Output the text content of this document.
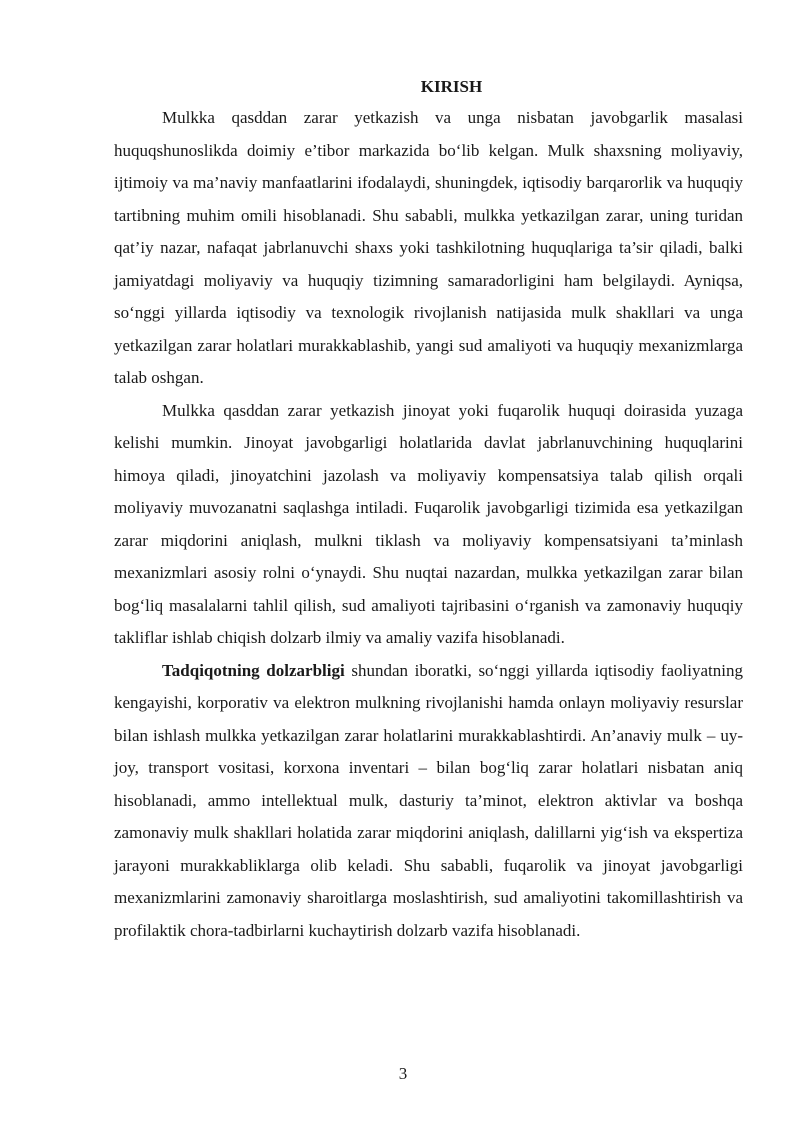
KIRISH

Mulkka qasddan zarar yetkazish va unga nisbatan javobgarlik masalasi huquqshunoslikda doimiy e’tibor markazida bo‘lib kelgan. Mulk shaxsning moliyaviy, ijtimoiy va ma’naviy manfaatlarini ifodalaydi, shuningdek, iqtisodiy barqarorlik va huquqiy tartibning muhim omili hisoblanadi. Shu sababli, mulkka yetkazilgan zarar, uning turidan qat’iy nazar, nafaqat jabrlanuvchi shaxs yoki tashkilotning huquqlariga ta’sir qiladi, balki jamiyatdagi moliyaviy va huquqiy tizimning samaradorligini ham belgilaydi. Ayniqsa, so‘nggi yillarda iqtisodiy va texnologik rivojlanish natijasida mulk shakllari va unga yetkazilgan zarar holatlari murakkablashib, yangi sud amaliyoti va huquqiy mexanizmlarga talab oshgan.

Mulkka qasddan zarar yetkazish jinoyat yoki fuqarolik huquqi doirasida yuzaga kelishi mumkin. Jinoyat javobgarligi holatlarida davlat jabrlanuvchining huquqlarini himoya qiladi, jinoyatchini jazolash va moliyaviy kompensatsiya talab qilish orqali moliyaviy muvozanatni saqlashga intiladi. Fuqarolik javobgarligi tizimida esa yetkazilgan zarar miqdorini aniqlash, mulkni tiklash va moliyaviy kompensatsiyani ta’minlash mexanizmlari asosiy rolni o‘ynaydi. Shu nuqtai nazardan, mulkka yetkazilgan zarar bilan bog‘liq masalalarni tahlil qilish, sud amaliyoti tajribasini o‘rganish va zamonaviy huquqiy takliflar ishlab chiqish dolzarb ilmiy va amaliy vazifa hisoblanadi.

Tadqiqotning dolzarbligi shundan iboratki, so‘nggi yillarda iqtisodiy faoliyatning kengayishi, korporativ va elektron mulkning rivojlanishi hamda onlayn moliyaviy resurslar bilan ishlash mulkka yetkazilgan zarar holatlarini murakkablashtirdi. An’anaviy mulk – uy-joy, transport vositasi, korxona inventari – bilan bog‘liq zarar holatlari nisbatan aniq hisoblanadi, ammo intellektual mulk, dasturiy ta’minot, elektron aktivlar va boshqa zamonaviy mulk shakllari holatida zarar miqdorini aniqlash, dalillarni yig‘ish va ekspertiza jarayoni murakkabliklarga olib keladi. Shu sababli, fuqarolik va jinoyat javobgarligi mexanizmlarini zamonaviy sharoitlarga moslashtirish, sud amaliyotini takomillashtirish va profilaktik chora-tadbirlarni kuchaytirish dolzarb vazifa hisoblanadi.

3
